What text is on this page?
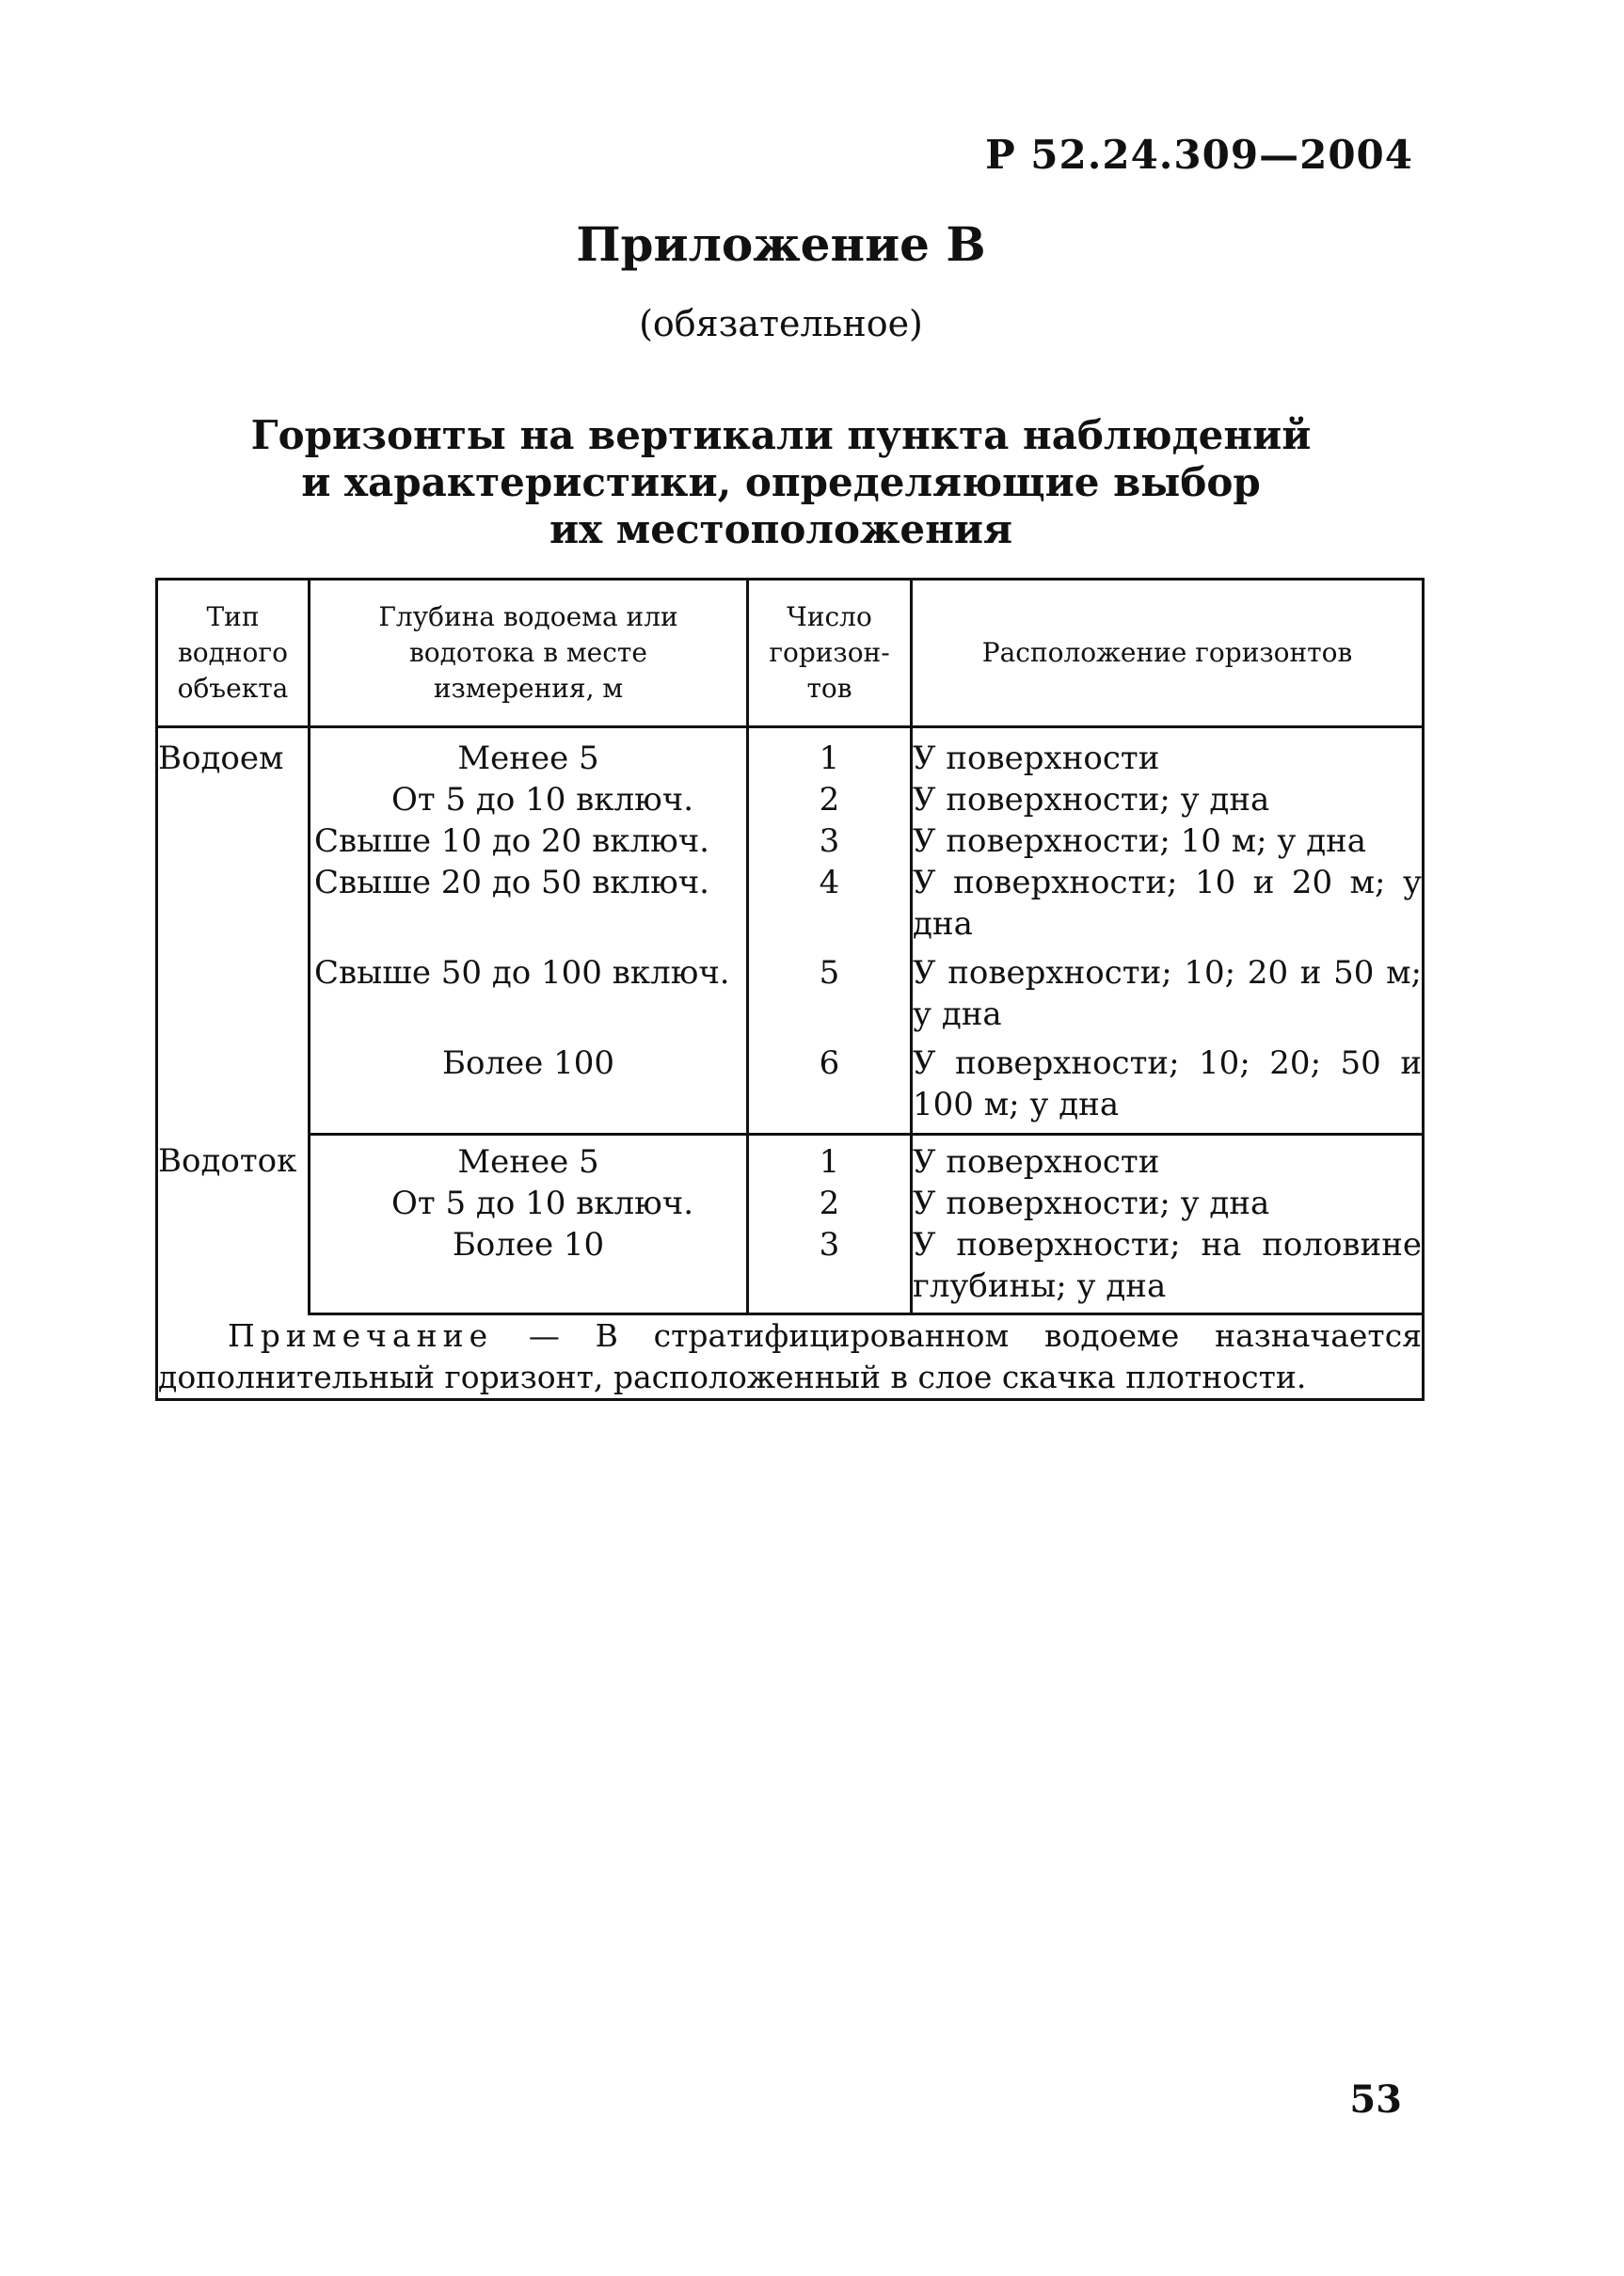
Р 52.24.309—2004
Приложение В
(обязательное)
Горизонты на вертикали пункта наблюдений
и характеристики, определяющие выбор
их местоположения
Тип водного объекта	Глубина водоема или водотока в месте измерения, м	Число горизон-тов	Расположение горизонтов

Водоем	Менее 5	1	У поверхности
	От 5 до 10 включ.	2	У поверхности; у дна
	Свыше 10 до 20 включ.	3	У поверхности; 10 м; у дна
	Свыше 20 до 50 включ.	4	У поверхности; 10 и 20 м; у дна
	Свыше 50 до 100 включ.	5	У поверхности; 10; 20 и 50 м; у дна
	Более 100	6	У поверхности; 10; 20; 50 и 100 м; у дна
Водоток	Менее 5	1	У поверхности
	От 5 до 10 включ.	2	У поверхности; у дна
	Более 10	3	У поверхности; на половине глубины; у дна
Примечание — В стратифицированном водоеме назначается дополнительный горизонт, расположенный в слое скачка плотности.			
53
